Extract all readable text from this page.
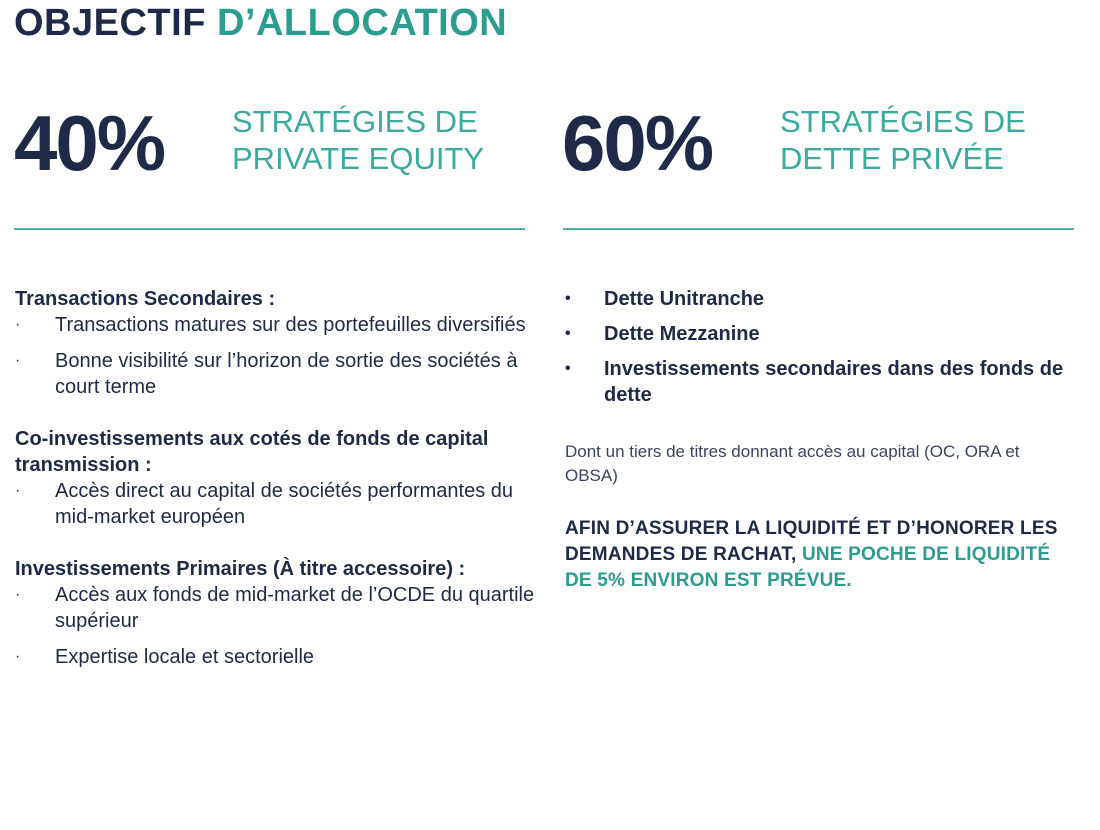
OBJECTIF D’ALLOCATION
40% STRATÉGIES DE
PRIVATE EQUITY 60% STRATÉGIES DE
DETTE PRIVÉE

Transactions Secondaires :

· Transactions matures sur des portefeuilles diversifiés
· Bonne visibilité sur l’horizon de sortie des sociétés à court terme

Co-investissements aux cotés de fonds de capital transmission :

· Accès direct au capital de sociétés performantes du mid-market européen

Investissements Primaires (À titre accessoire) :

· Accès aux fonds de mid-market de l’OCDE du quartile supérieur
· Expertise locale et sectorielle
• Dette Unitranche
• Dette Mezzanine
• Investissements secondaires dans des fonds de dette

Dont un tiers de titres donnant accès au capital (OC, ORA et OBSA)

AFIN D’ASSURER LA LIQUIDITÉ ET D’HONORER LES DEMANDES DE RACHAT, UNE POCHE DE LIQUIDITÉ DE 5% ENVIRON EST PRÉVUE.
